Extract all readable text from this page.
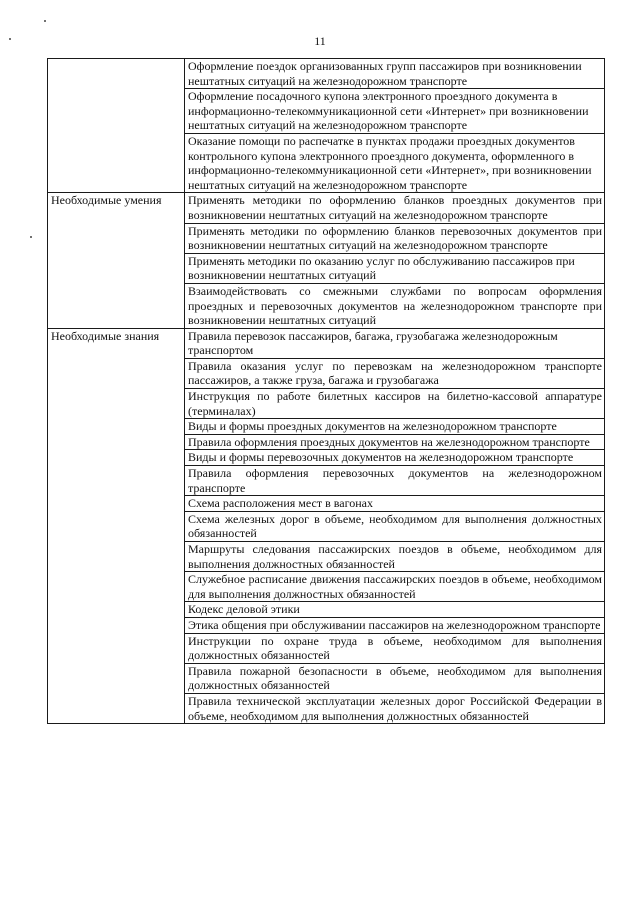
11
	Оформление поездок организованных групп пассажиров при возникновении нештатных ситуаций на железнодорожном транспорте
	Оформление посадочного купона электронного проездного документа в информационно-телекоммуникационной сети «Интернет» при возникновении нештатных ситуаций на железнодорожном транспорте
	Оказание помощи по распечатке в пунктах продажи проездных документов контрольного купона электронного проездного документа, оформленного в информационно-телекоммуникационной сети «Интернет», при возникновении нештатных ситуаций на железнодорожном транспорте
Необходимые умения	Применять методики по оформлению бланков проездных документов при возникновении нештатных ситуаций на железнодорожном транспорте
	Применять методики по оформлению бланков перевозочных документов при возникновении нештатных ситуаций на железнодорожном транспорте
	Применять методики по оказанию услуг по обслуживанию пассажиров при возникновении нештатных ситуаций
	Взаимодействовать со смежными службами по вопросам оформления проездных и перевозочных документов на железнодорожном транспорте при возникновении нештатных ситуаций
Необходимые знания	Правила перевозок пассажиров, багажа, грузобагажа железнодорожным транспортом
	Правила оказания услуг по перевозкам на железнодорожном транспорте пассажиров, а также груза, багажа и грузобагажа
	Инструкция по работе билетных кассиров на билетно-кассовой аппаратуре (терминалах)
	Виды и формы проездных документов на железнодорожном транспорте
	Правила оформления проездных документов на железнодорожном транспорте
	Виды и формы перевозочных документов на железнодорожном транспорте
	Правила оформления перевозочных документов на железнодорожном транспорте
	Схема расположения мест в вагонах
	Схема железных дорог в объеме, необходимом для выполнения должностных обязанностей
	Маршруты следования пассажирских поездов в объеме, необходимом для выполнения должностных обязанностей
	Служебное расписание движения пассажирских поездов в объеме, необходимом для выполнения должностных обязанностей
	Кодекс деловой этики
	Этика общения при обслуживании пассажиров на железнодорожном транспорте
	Инструкции по охране труда в объеме, необходимом для выполнения должностных обязанностей
	Правила пожарной безопасности в объеме, необходимом для выполнения должностных обязанностей
	Правила технической эксплуатации железных дорог Российской Федерации в объеме, необходимом для выполнения должностных обязанностей
